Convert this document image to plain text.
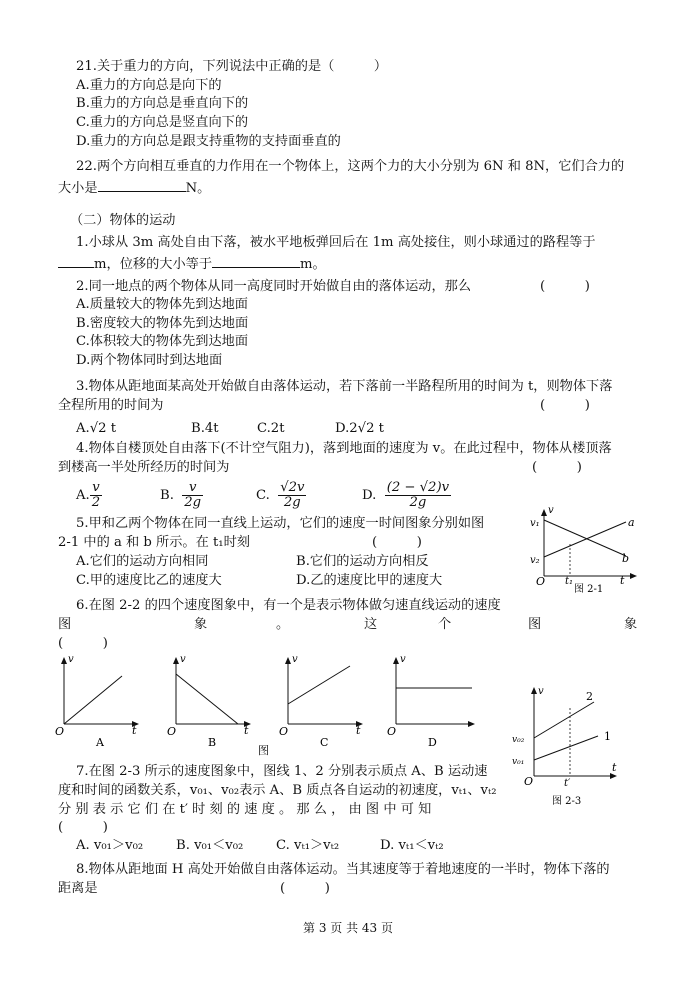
21.关于重力的方向，下列说法中正确的是（　　　）
A.重力的方向总是向下的
B.重力的方向总是垂直向下的
C.重力的方向总是竖直向下的
D.重力的方向总是跟支持重物的支持面垂直的
22.两个方向相互垂直的力作用在一个物体上，这两个力的大小分别为 6N 和 8N，它们合力的
大小是	N。
（二）物体的运动
1.小球从 3m 高处自由下落，被水平地板弹回后在 1m 高处接住，则小球通过的路程等于
m，位移的大小等于	m。
2.同一地点的两个物体从同一高度同时开始做自由的落体运动，那么	(　　　)
A.质量较大的物体先到达地面
B.密度较大的物体先到达地面
C.体积较大的物体先到达地面
D.两个物体同时到达地面
3.物体从距地面某高处开始做自由落体运动，若下落前一半路程所用的时间为 t，则物体下落
全程所用的时间为	(　　　)
A.√2 t	B.4t	C.2t	D.2√2 t
4.物体自楼顶处自由落下(不计空气阻力)，落到地面的速度为 v。在此过程中，物体从楼顶落
到楼高一半处所经历的时间为	(　　　)
A. $\frac{v}{2}$	B. $\frac{v}{2g}$	C. $\frac{√2v}{2g}$	D. $\frac{(2 - √2)v}{2g}$
5.甲和乙两个物体在同一直线上运动，它们的速度一时间图象分别如图
2-1 中的 a 和 b 所示。在 t₁时刻	(　　　)
A.它们的运动方向相同	B.它们的运动方向相反
C.甲的速度比乙的速度大	D.乙的速度比甲的速度大
v
v₁
v₂
a
b
O t₁	t
图 2-1
6.在图 2-2 的四个速度图象中，有一个是表示物体做匀速直线运动的速度
图	象	。	这	个	图	象
(　　　)
v
O	t
A
v
O	t
B
v
O	t
C
v
O
D
图
v
v₀₂
v₀₁
2
1
O	t′
t
图 2-3
7.在图 2-3 所示的速度图象中，图线 1、2 分别表示质点 A、B 运动速
度和时间的函数关系，v₀₁、v₀₂表示 A、B 质点各自运动的初速度，vₜ₁、vₜ₂
分 别 表 示 它 们 在 t′ 时 刻 的 速 度 。 那 么 ， 由 图 中 可 知
(　　　)
A. v₀₁＞v₀₂ B. v₀₁＜v₀₂ C. vₜ₁＞vₜ₂	D. vₜ₁＜vₜ₂
8.物体从距地面 H 高处开始做自由落体运动。当其速度等于着地速度的一半时，物体下落的
距离是	(　　　)
第 3 页 共 43 页
